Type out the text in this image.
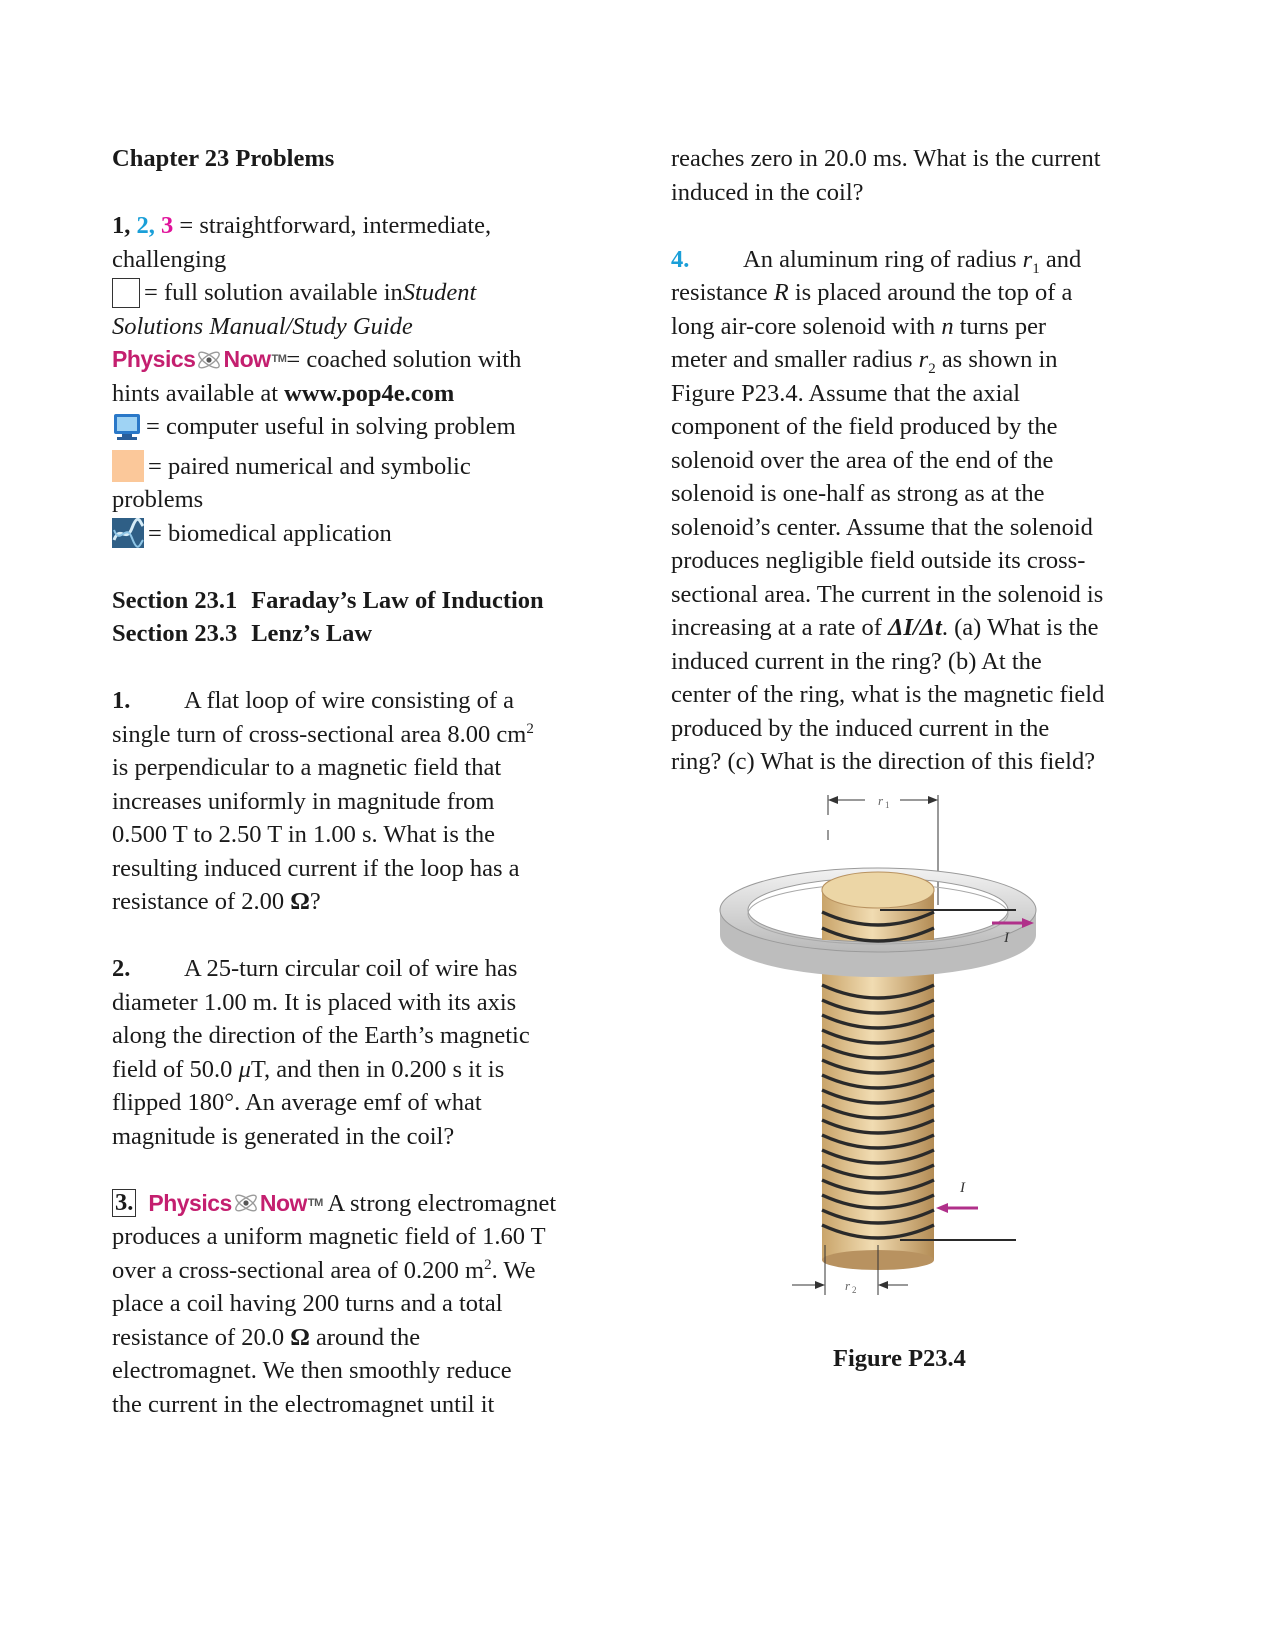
Chapter 23 Problems

1, 2, 3 = straightforward, intermediate,

challenging

= full solution available in Student

Solutions Manual/Study Guide

Physics Now TM = coached solution with

hints available at www.pop4e.com

= computer useful in solving problem

= paired numerical and symbolic

problems

= biomedical application

Section 23.1 Faraday’s Law of Induction

Section 23.3 Lenz’s Law

1. A flat loop of wire consisting of a

single turn of cross-sectional area 8.00 $cm^2$

is perpendicular to a magnetic field that

increases uniformly in magnitude from

0.500 T to 2.50 T in 1.00 s. What is the

resulting induced current if the loop has a

resistance of 2.00 Ω?

2. A 25-turn circular coil of wire has

diameter 1.00 m. It is placed with its axis

along the direction of the Earth’s magnetic

field of 50.0 μT, and then in 0.200 s it is

flipped 180°. An average emf of what

magnitude is generated in the coil?

3. Physics Now TM A strong electromagnet

produces a uniform magnetic field of 1.60 T

over a cross-sectional area of 0.200 $m^2$. We

place a coil having 200 turns and a total

resistance of 20.0 Ω around the

electromagnet. We then smoothly reduce

the current in the electromagnet until it

reaches zero in 20.0 ms. What is the current

induced in the coil?

4. An aluminum ring of radius $r_1$ and

resistance R is placed around the top of a

long air-core solenoid with n turns per

meter and smaller radius $r_2$ as shown in

Figure P23.4. Assume that the axial

component of the field produced by the

solenoid over the area of the end of the

solenoid is one-half as strong as at the

solenoid’s center. Assume that the solenoid

produces negligible field outside its cross-

sectional area. The current in the solenoid is

increasing at a rate of ΔI/Δt. (a) What is the

induced current in the ring? (b) At the

center of the ring, what is the magnetic field

produced by the induced current in the

ring? (c) What is the direction of this field?

r 1
I
I
r 2
Figure P23.4
